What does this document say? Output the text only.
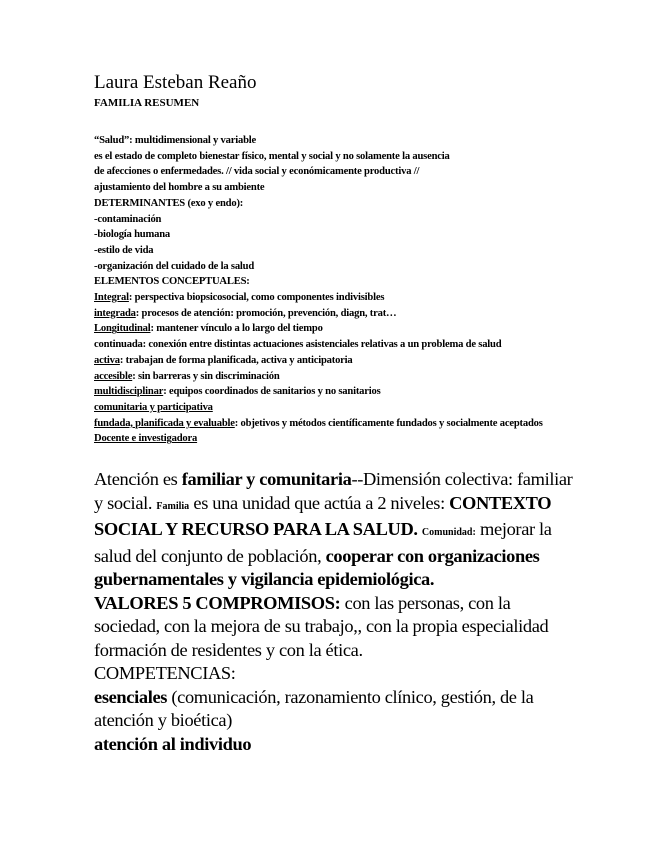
Laura Esteban Reaño

FAMILIA RESUMEN

“Salud”: multidimensional y variable
es el estado de completo bienestar físico, mental y social y no solamente la ausencia
de afecciones o enfermedades. // vida social y económicamente productiva //
ajustamiento del hombre a su ambiente
DETERMINANTES (exo y endo):
-contaminación
-biología humana
-estilo de vida
-organización del cuidado de la salud
ELEMENTOS CONCEPTUALES:
Integral: perspectiva biopsicosocial, como componentes indivisibles
integrada: procesos de atención: promoción, prevención, diagn, trat…
Longitudinal: mantener vínculo a lo largo del tiempo
continuada: conexión entre distintas actuaciones asistenciales relativas a un problema de salud
activa: trabajan de forma planificada, activa y anticipatoria
accesible: sin barreras y sin discriminación
multidisciplinar: equipos coordinados de sanitarios y no sanitarios
comunitaria y participativa
fundada, planificada y evaluable: objetivos y métodos científicamente fundados y socialmente aceptados
Docente e investigadora
Atención es familiar y comunitaria--Dimensión colectiva: familiar y social. Familia es una unidad que actúa a 2 niveles: CONTEXTO SOCIAL Y RECURSO PARA LA SALUD. Comunidad: mejorar la salud del conjunto de población, cooperar con organizaciones gubernamentales y vigilancia epidemiológica.
VALORES 5 COMPROMISOS: con las personas, con la sociedad, con la mejora de su trabajo,, con la propia especialidad formación de residentes y con la ética.
COMPETENCIAS:
esenciales (comunicación, razonamiento clínico, gestión, de la atención y bioética)
atención al individuo
